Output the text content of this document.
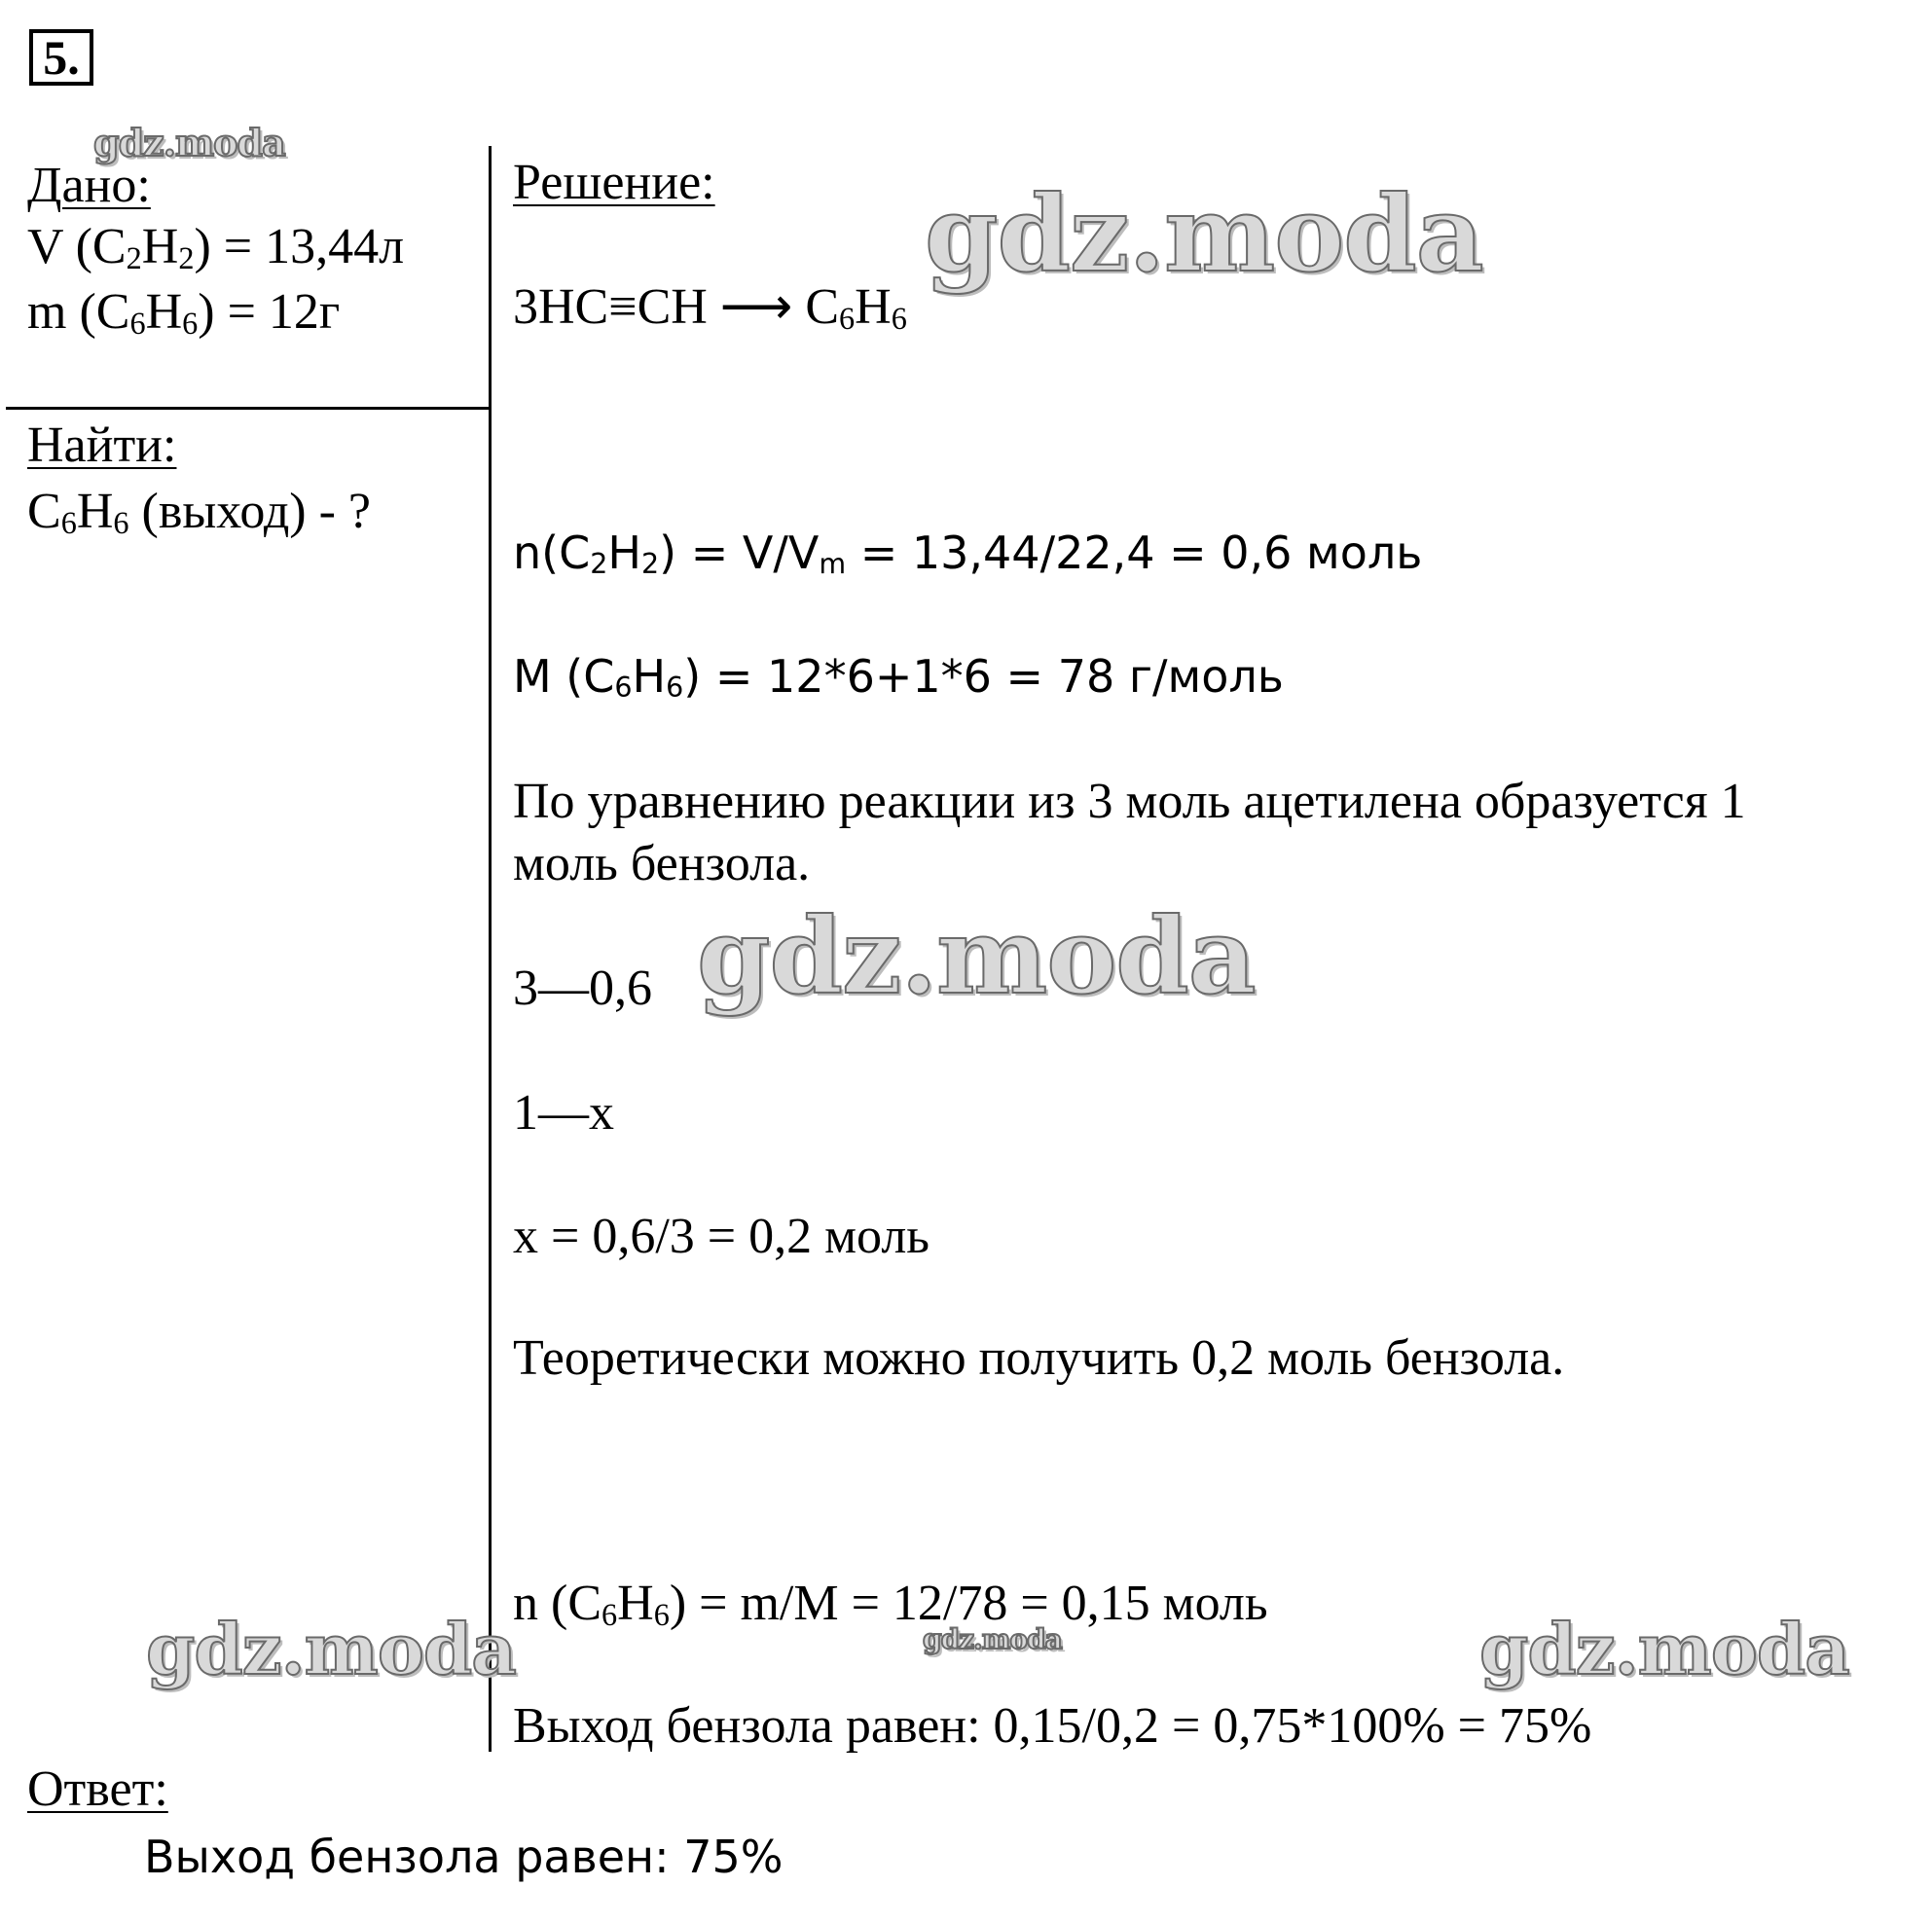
5.
Дано:
V $(C_2H_2) = 13,44л$
m $(C_6H_6) = 12г$
Найти:
$C_6H_6$ (выход) - ?
Решение:
3HC≡CH ⟶ $C_6H_6$
$n(C_2H_2) = V/V_m = 13,44/22,4 = 0,6$ моль
M $(C_6H_6) = 12*6+1*6 = 78$ г/моль
По уравнению реакции из 3 моль ацетилена образуется 1
моль бензола.
3—0,6
1—x
x = 0,6/3 = 0,2 моль
Теоретически можно получить 0,2 моль бензола.
n $(C_6H_6) = m/M = 12/78 = 0,15$ моль
Выход бензола равен: 0,15/0,2 = 0,75*100% = 75%
Ответ:
Выход бензола равен: 75%
gdz.moda
gdz.moda
gdz.moda
gdz.moda	gdz.moda	gdz.moda
